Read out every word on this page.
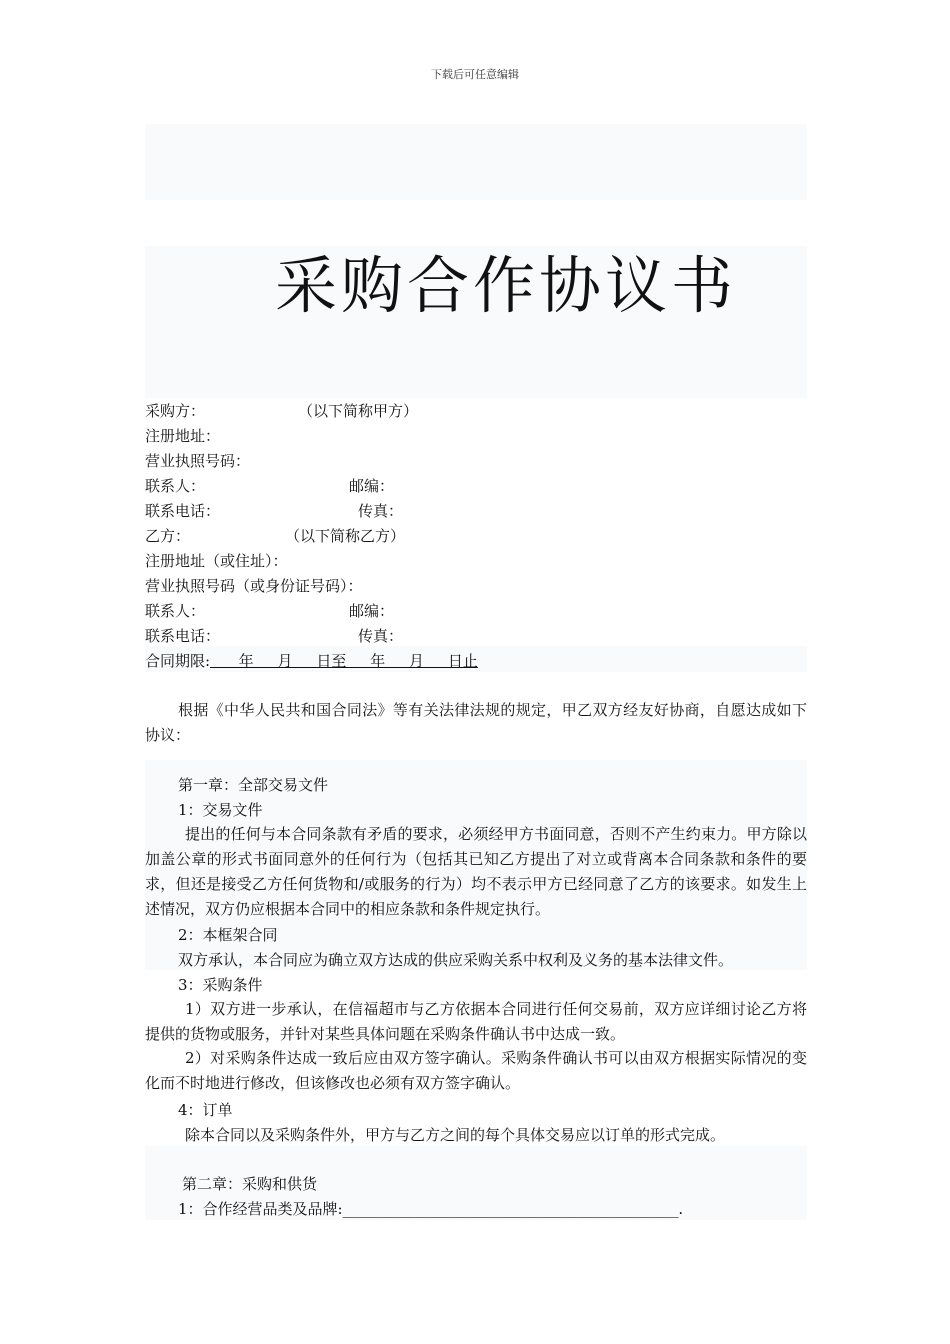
下载后可任意编辑
采购合作协议书
采购方：	（以下简称甲方）
注册地址：
营业执照号码：
联系人：	邮编：
联系电话：	传真：
乙方：	（以下简称乙方）
注册地址（或住址）：
营业执照号码（或身份证号码）：
联系人：	邮编：
联系电话：	传真：
合同期限:      年     月     日至     年     月     日止
根据《中华人民共和国合同法》等有关法律法规的规定，甲乙双方经友好协商，自愿达成如下协议：
第一章：全部交易文件
1：交易文件
提出的任何与本合同条款有矛盾的要求，必须经甲方书面同意，否则不产生约束力。甲方除以加盖公章的形式书面同意外的任何行为（包括其已知乙方提出了对立或背离本合同条款和条件的要求，但还是接受乙方任何货物和/或服务的行为）均不表示甲方已经同意了乙方的该要求。如发生上述情况，双方仍应根据本合同中的相应条款和条件规定执行。
2：本框架合同
双方承认，本合同应为确立双方达成的供应采购关系中权利及义务的基本法律文件。
3：采购条件
1）双方进一步承认，在信福超市与乙方依据本合同进行任何交易前，双方应详细讨论乙方将提供的货物或服务，并针对某些具体问题在采购条件确认书中达成一致。
2）对采购条件达成一致后应由双方签字确认。采购条件确认书可以由双方根据实际情况的变化而不时地进行修改，但该修改也必须有双方签字确认。
4：订单
除本合同以及采购条件外，甲方与乙方之间的每个具体交易应以订单的形式完成。
第二章：采购和供货
1：合作经营品类及品牌:______________________________________________.
